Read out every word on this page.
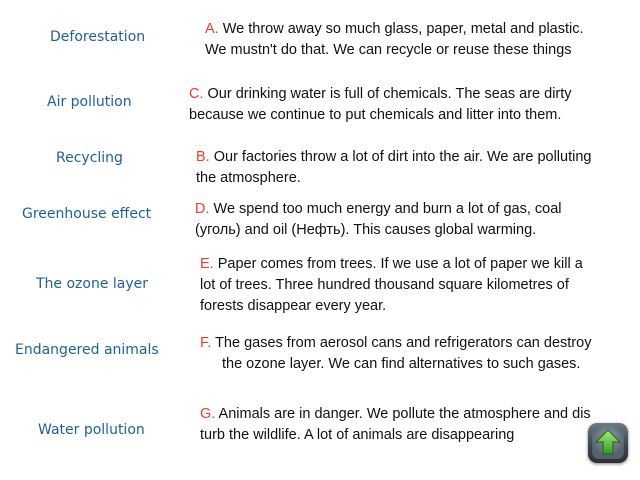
Deforestation
Air pollution
Recycling
Greenhouse effect
The ozone layer
Endangered animals
Water pollution
A. We throw away so much glass, paper, metal and plastic.
We mustn't do that. We can recycle or reuse these things
C. Our drinking water is full of chemicals. The seas are dirty
because we continue to put chemicals and litter into them.
B. Our factories throw a lot of dirt into the air. We are polluting
the atmosphere.
D. We spend too much energy and burn a lot of gas, coal
(уголь) and oil (Нефть). This causes global warming.
E. Paper comes from trees. If we use a lot of paper we kill a
lot of trees. Three hundred thousand square kilometres of
forests disappear every year.
F. The gases from aerosol cans and refrigerators can destroy
the ozone layer. We can find alternatives to such gases.
G. Animals are in danger. We pollute the atmosphere and dis
turb the wildlife. A lot of animals are disappearing
